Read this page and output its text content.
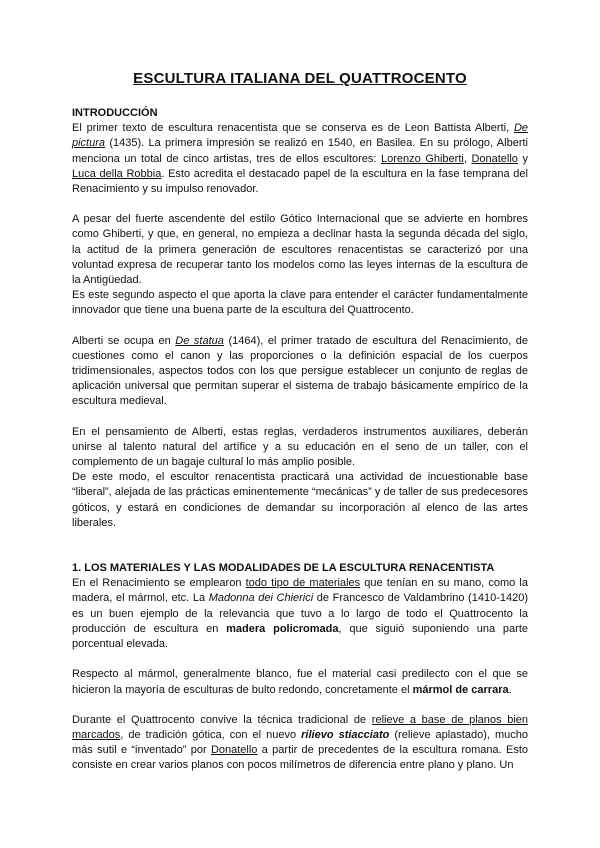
ESCULTURA ITALIANA DEL QUATTROCENTO
INTRODUCCIÓN

El primer texto de escultura renacentista que se conserva es de Leon Battista Alberti, De pictura (1435). La primera impresión se realizó en 1540, en Basilea. En su prólogo, Alberti menciona un total de cinco artistas, tres de ellos escultores: Lorenzo Ghiberti, Donatello y Luca della Robbia. Esto acredita el destacado papel de la escultura en la fase temprana del Renacimiento y su impulso renovador.

A pesar del fuerte ascendente del estilo Gótico Internacional que se advierte en hombres como Ghiberti, y que, en general, no empieza a declinar hasta la segunda década del siglo, la actitud de la primera generación de escultores renacentistas se caracterizó por una voluntad expresa de recuperar tanto los modelos como las leyes internas de la escultura de la Antigüedad.

Es este segundo aspecto el que aporta la clave para entender el carácter fundamentalmente innovador que tiene una buena parte de la escultura del Quattrocento.

Alberti se ocupa en De statua (1464), el primer tratado de escultura del Renacimiento, de cuestiones como el canon y las proporciones o la definición espacial de los cuerpos tridimensionales, aspectos todos con los que persigue establecer un conjunto de reglas de aplicación universal que permitan superar el sistema de trabajo básicamente empírico de la escultura medieval.

En el pensamiento de Alberti, estas reglas, verdaderos instrumentos auxiliares, deberán unirse al talento natural del artífice y a su educación en el seno de un taller, con el complemento de un bagaje cultural lo más amplio posible.

De este modo, el escultor renacentista practicará una actividad de incuestionable base “liberal”, alejada de las prácticas eminentemente “mecánicas” y de taller de sus predecesores góticos, y estará en condiciones de demandar su incorporación al elenco de las artes liberales.

1. LOS MATERIALES Y LAS MODALIDADES DE LA ESCULTURA RENACENTISTA

En el Renacimiento se emplearon todo tipo de materiales que tenían en su mano, como la madera, el mármol, etc. La Madonna dei Chierici de Francesco de Valdambrino (1410-1420) es un buen ejemplo de la relevancia que tuvo a lo largo de todo el Quattrocento la producción de escultura en madera policromada, que siguió suponiendo una parte porcentual elevada.

Respecto al mármol, generalmente blanco, fue el material casi predilecto con el que se hicieron la mayoría de esculturas de bulto redondo, concretamente el mármol de carrara.

Durante el Quattrocento convive la técnica tradicional de relieve a base de planos bien marcados, de tradición gótica, con el nuevo rilievo stiacciato (relieve aplastado), mucho más sutil e “inventado” por Donatello a partir de precedentes de la escultura romana. Esto consiste en crear varios planos con pocos milímetros de diferencia entre plano y plano. Un
